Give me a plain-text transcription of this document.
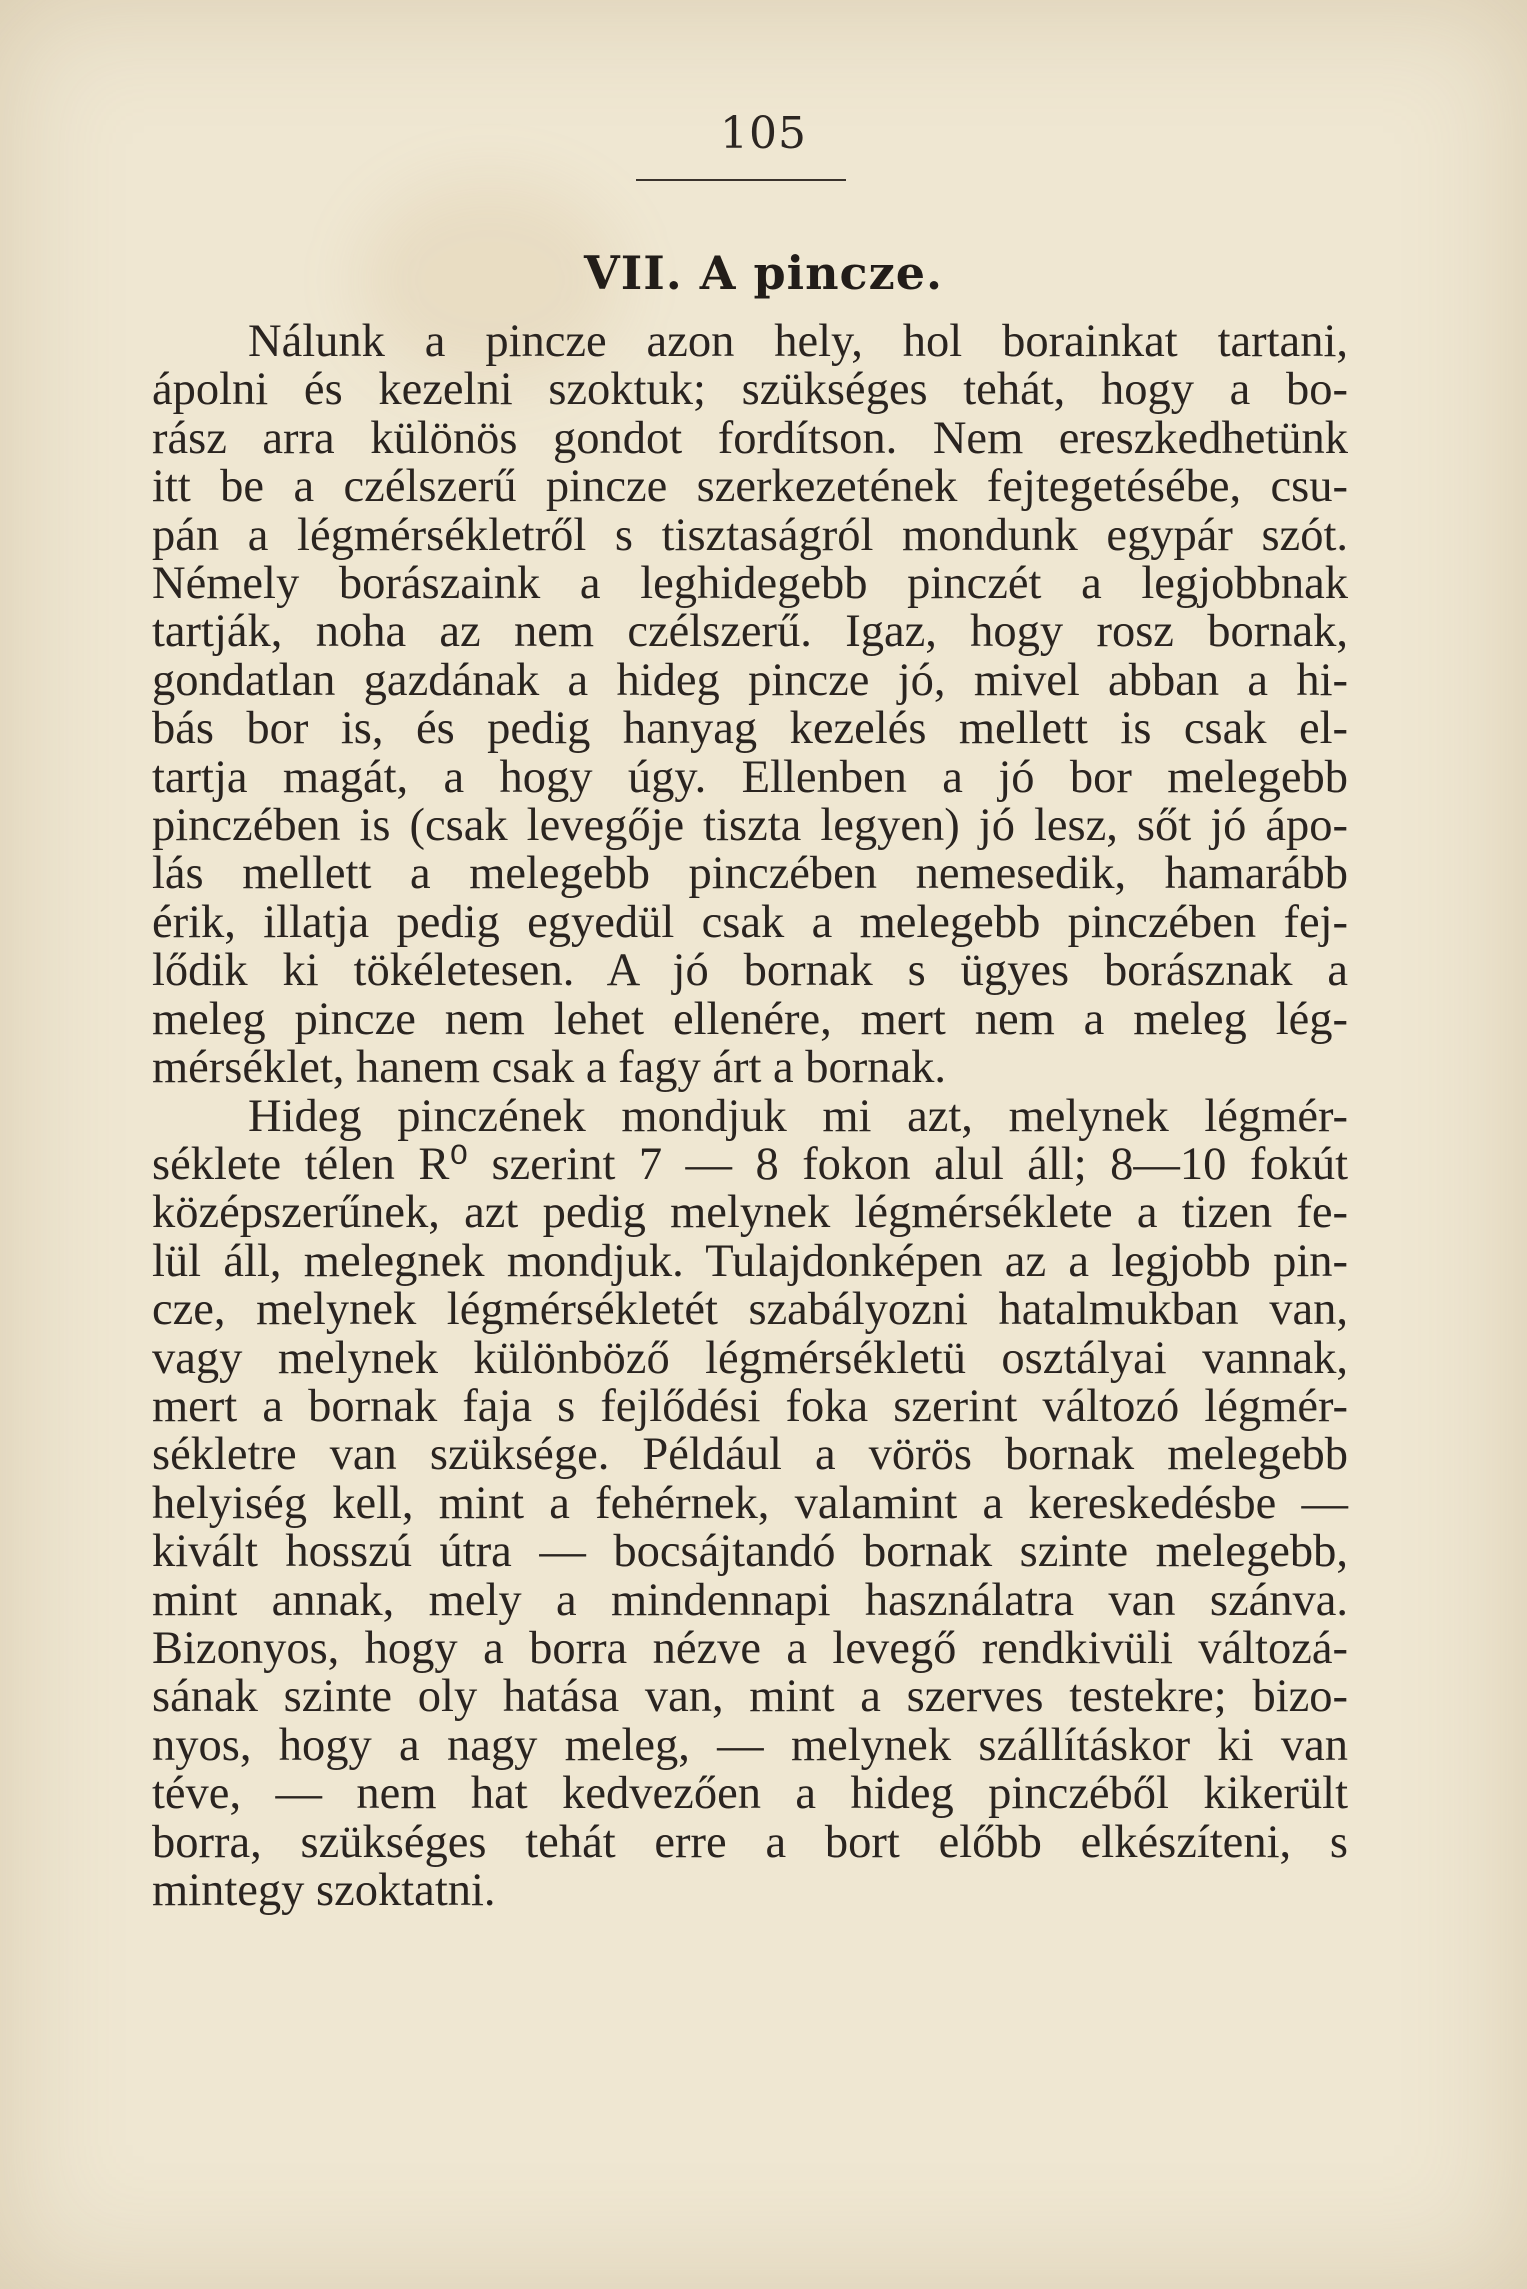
105
VII. A pincze.
Nálunk a pincze azon hely, hol borainkat tartani,
ápolni és kezelni szoktuk; szükséges tehát, hogy a bo-
rász arra különös gondot fordítson. Nem ereszkedhetünk
itt be a czélszerű pincze szerkezetének fejtegetésébe, csu-
pán a légmérsékletről s tisztaságról mondunk egypár szót.
Némely borászaink a leghidegebb pinczét a legjobbnak
tartják, noha az nem czélszerű. Igaz, hogy rosz bornak,
gondatlan gazdának a hideg pincze jó, mivel abban a hi-
bás bor is, és pedig hanyag kezelés mellett is csak el-
tartja magát, a hogy úgy. Ellenben a jó bor melegebb
pinczében is (csak levegője tiszta legyen) jó lesz, sőt jó ápo-
lás mellett a melegebb pinczében nemesedik, hamarább
érik, illatja pedig egyedül csak a melegebb pinczében fej-
lődik ki tökéletesen. A jó bornak s ügyes borásznak a
meleg pincze nem lehet ellenére, mert nem a meleg lég-
mérséklet, hanem csak a fagy árt a bornak.
Hideg pinczének mondjuk mi azt, melynek légmér-
séklete télen R⁰ szerint 7 — 8 fokon alul áll; 8—10 fokút
középszerűnek, azt pedig melynek légmérséklete a tizen fe-
lül áll, melegnek mondjuk. Tulajdonképen az a legjobb pin-
cze, melynek légmérsékletét szabályozni hatalmukban van,
vagy melynek különböző légmérsékletü osztályai vannak,
mert a bornak faja s fejlődési foka szerint változó légmér-
sékletre van szüksége. Például a vörös bornak melegebb
helyiség kell, mint a fehérnek, valamint a kereskedésbe —
kivált hosszú útra — bocsájtandó bornak szinte melegebb,
mint annak, mely a mindennapi használatra van szánva.
Bizonyos, hogy a borra nézve a levegő rendkivüli változá-
sának szinte oly hatása van, mint a szerves testekre; bizo-
nyos, hogy a nagy meleg, — melynek szállításkor ki van
téve, — nem hat kedvezően a hideg pinczéből kikerült
borra, szükséges tehát erre a bort előbb elkészíteni, s
mintegy szoktatni.
